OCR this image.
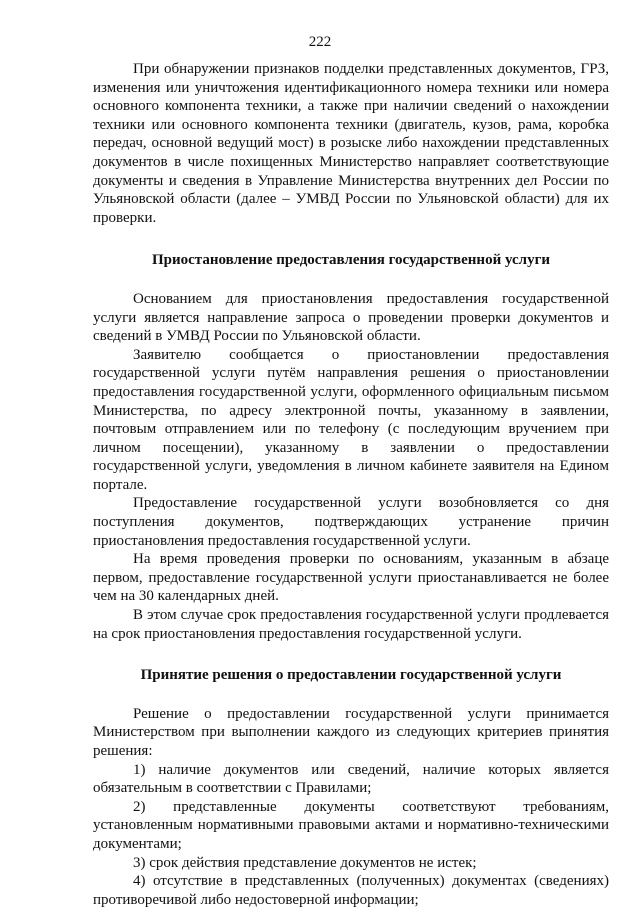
222

При обнаружении признаков подделки представленных документов, ГРЗ, изменения или уничтожения идентификационного номера техники или номера основного компонента техники, а также при наличии сведений о нахождении техники или основного компонента техники (двигатель, кузов, рама, коробка передач, основной ведущий мост) в розыске либо нахождении представленных документов в числе похищенных Министерство направляет соответствующие документы и сведения в Управление Министерства внутренних дел России по Ульяновской области (далее – УМВД России по Ульяновской области) для их проверки.

Приостановление предоставления государственной услуги

Основанием для приостановления предоставления государственной услуги является направление запроса о проведении проверки документов и сведений в УМВД России по Ульяновской области.

Заявителю сообщается о приостановлении предоставления государственной услуги путём направления решения о приостановлении предоставления государственной услуги, оформленного официальным письмом Министерства, по адресу электронной почты, указанному в заявлении, почтовым отправлением или по телефону (с последующим вручением при личном посещении), указанному в заявлении о предоставлении государственной услуги, уведомления в личном кабинете заявителя на Едином портале.

Предоставление государственной услуги возобновляется со дня поступления документов, подтверждающих устранение причин приостановления предоставления государственной услуги.

На время проведения проверки по основаниям, указанным в абзаце первом, предоставление государственной услуги приостанавливается не более чем на 30 календарных дней.

В этом случае срок предоставления государственной услуги продлевается на срок приостановления предоставления государственной услуги.

Принятие решения о предоставлении государственной услуги

Решение о предоставлении государственной услуги принимается Министерством при выполнении каждого из следующих критериев принятия решения:

1) наличие документов или сведений, наличие которых является обязательным в соответствии с Правилами;

2) представленные документы соответствуют требованиям, установленным нормативными правовыми актами и нормативно-техническими документами;

3) срок действия представление документов не истек;

4) отсутствие в представленных (полученных) документах (сведениях) противоречивой либо недостоверной информации;
